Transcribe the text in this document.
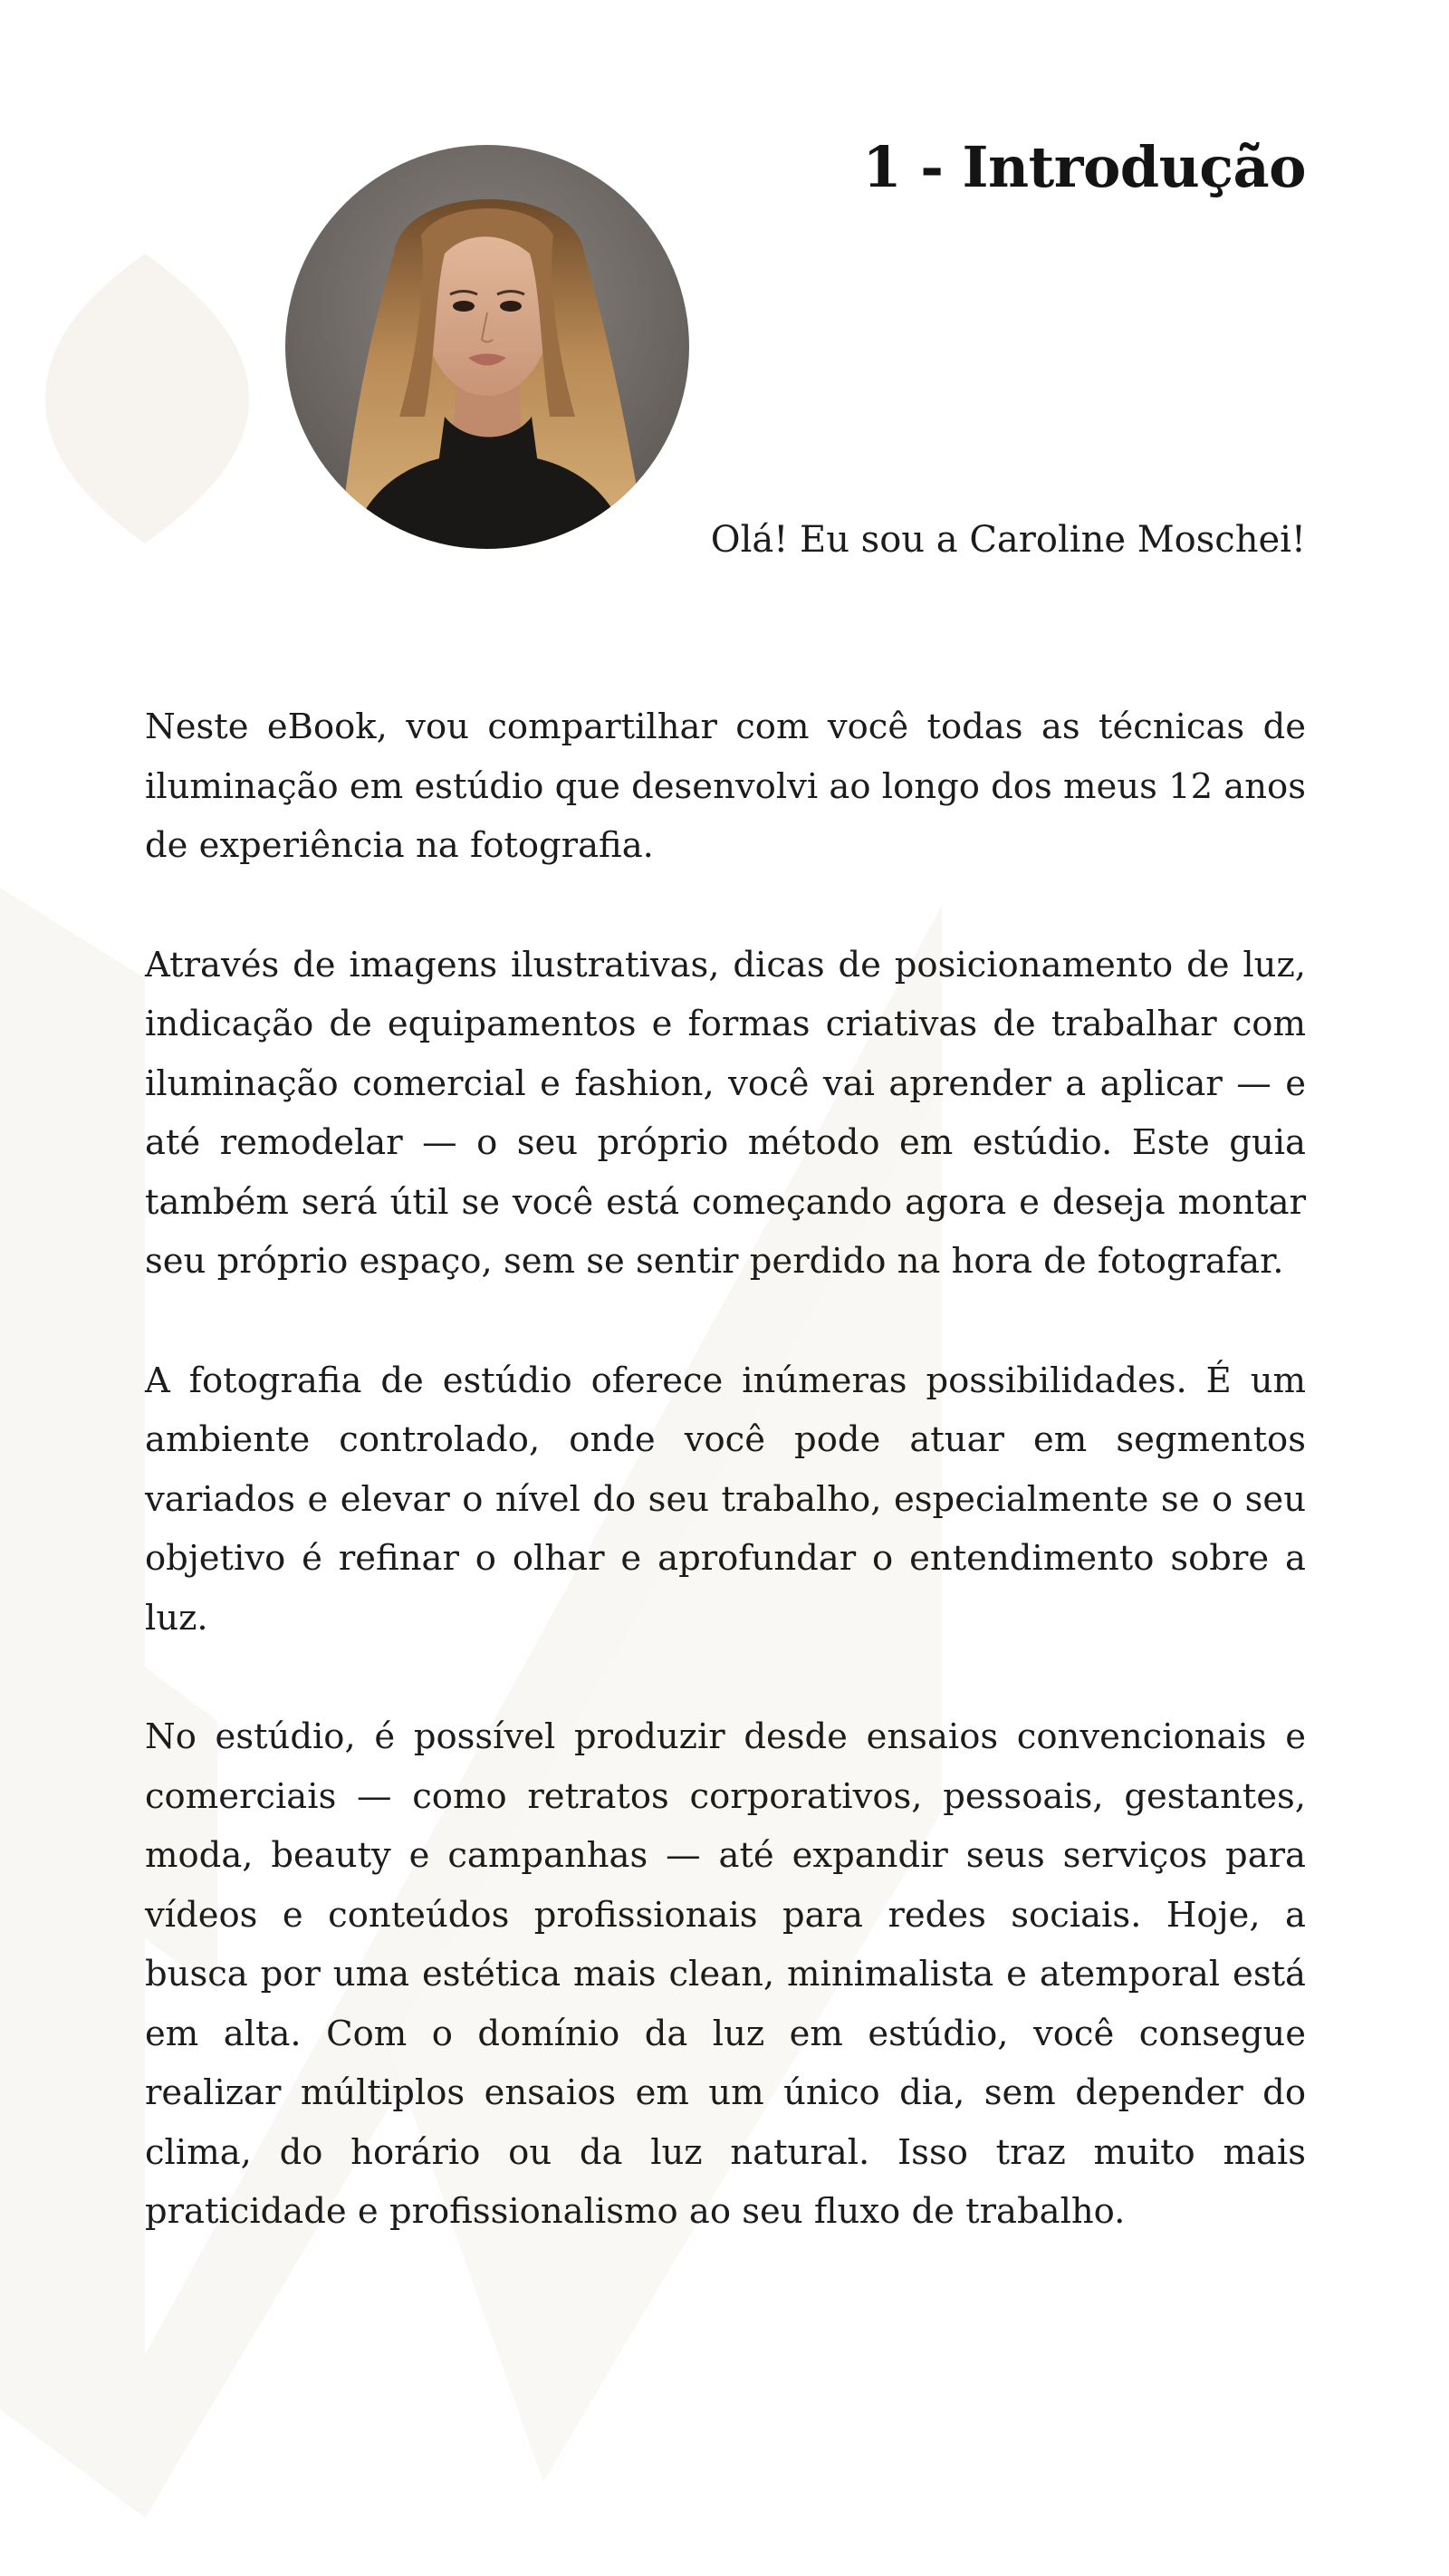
1 - Introdução

Olá! Eu sou a Caroline Moschei!

Neste eBook, vou compartilhar com você todas as técnicas de iluminação em estúdio que desenvolvi ao longo dos meus 12 anos de experiência na fotografia.

Através de imagens ilustrativas, dicas de posicionamento de luz, indicação de equipamentos e formas criativas de trabalhar com iluminação comercial e fashion, você vai aprender a aplicar — e até remodelar — o seu próprio método em estúdio. Este guia também será útil se você está começando agora e deseja montar seu próprio espaço, sem se sentir perdido na hora de fotografar.

A fotografia de estúdio oferece inúmeras possibilidades. É um ambiente controlado, onde você pode atuar em segmentos variados e elevar o nível do seu trabalho, especialmente se o seu objetivo é refinar o olhar e aprofundar o entendimento sobre a luz.

No estúdio, é possível produzir desde ensaios convencionais e comerciais — como retratos corporativos, pessoais, gestantes, moda, beauty e campanhas — até expandir seus serviços para vídeos e conteúdos profissionais para redes sociais. Hoje, a busca por uma estética mais clean, minimalista e atemporal está em alta. Com o domínio da luz em estúdio, você consegue realizar múltiplos ensaios em um único dia, sem depender do clima, do horário ou da luz natural. Isso traz muito mais praticidade e profissionalismo ao seu fluxo de trabalho.
